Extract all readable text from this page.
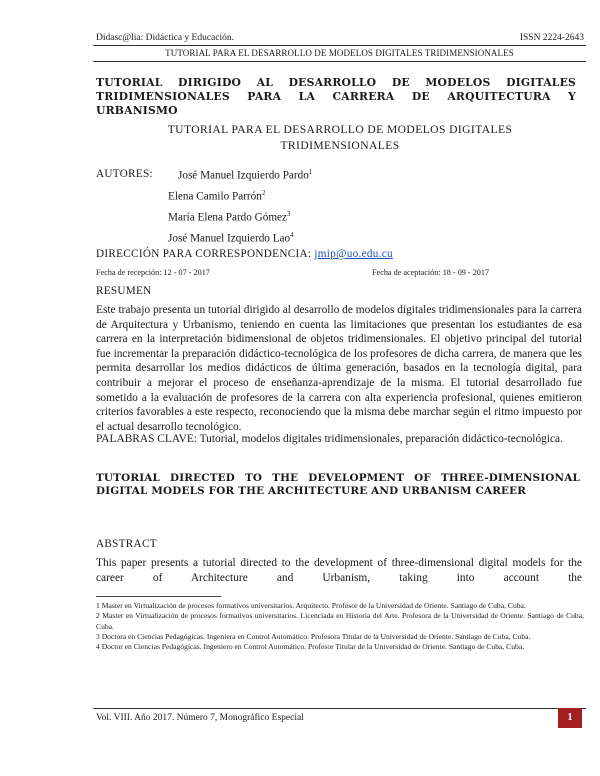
Didasc@lia: Didáctica y Educación.	ISSN 2224-2643
TUTORIAL PARA EL DESARROLLO DE MODELOS DIGITALES TRIDIMENSIONALES
TUTORIAL DIRIGIDO AL DESARROLLO DE MODELOS DIGITALES TRIDIMENSIONALES PARA LA CARRERA DE ARQUITECTURA Y URBANISMO
TUTORIAL PARA EL DESARROLLO DE MODELOS DIGITALES TRIDIMENSIONALES
AUTORES: José Manuel Izquierdo Pardo$^1$
Elena Camilo Parrón$^2$
María Elena Pardo Gómez$^3$
José Manuel Izquierdo Lao$^4$
DIRECCIÓN PARA CORRESPONDENCIA: jmip@uo.edu.cu
Fecha de recepción: 12 - 07 - 2017	Fecha de aceptación: 18 - 09 - 2017
RESUMEN
Este trabajo presenta un tutorial dirigido al desarrollo de modelos digitales tridimensionales para la carrera de Arquitectura y Urbanismo, teniendo en cuenta las limitaciones que presentan los estudiantes de esa carrera en la interpretación bidimensional de objetos tridimensionales. El objetivo principal del tutorial fue incrementar la preparación didáctico-tecnológica de los profesores de dicha carrera, de manera que les permita desarrollar los medios didácticos de última generación, basados en la tecnología digital, para contribuir a mejorar el proceso de enseñanza-aprendizaje de la misma. El tutorial desarrollado fue sometido a la evaluación de profesores de la carrera con alta experiencia profesional, quienes emitieron criterios favorables a este respecto, reconociendo que la misma debe marchar según el ritmo impuesto por el actual desarrollo tecnológico.
PALABRAS CLAVE: Tutorial, modelos digitales tridimensionales, preparación didáctico-tecnológica.
TUTORIAL DIRECTED TO THE DEVELOPMENT OF THREE-DIMENSIONAL DIGITAL MODELS FOR THE ARCHITECTURE AND URBANISM CAREER
ABSTRACT
This paper presents a tutorial directed to the development of three-dimensional digital models for the career of Architecture and Urbanism, taking into account the

1 Master en Virtualización de procesos formativos universitarios. Arquitecto. Profesor de la Universidad de Oriente. Santiago de Cuba, Cuba.

2 Master en Virtualización de procesos formativos universitarios. Licenciada en Historia del Arte. Profesora de la Universidad de Oriente. Santiago de Cuba, Cuba.

3 Doctora en Ciencias Pedagógicas. Ingeniera en Control Automático. Profesora Titular de la Universidad de Oriente. Santiago de Cuba, Cuba.

4 Doctor en Ciencias Pedagógicas. Ingeniero en Control Automático. Profesor Titular de la Universidad de Oriente. Santiago de Cuba, Cuba.

Vol. VIII. Año 2017. Número 7, Monográfico Especial	1
